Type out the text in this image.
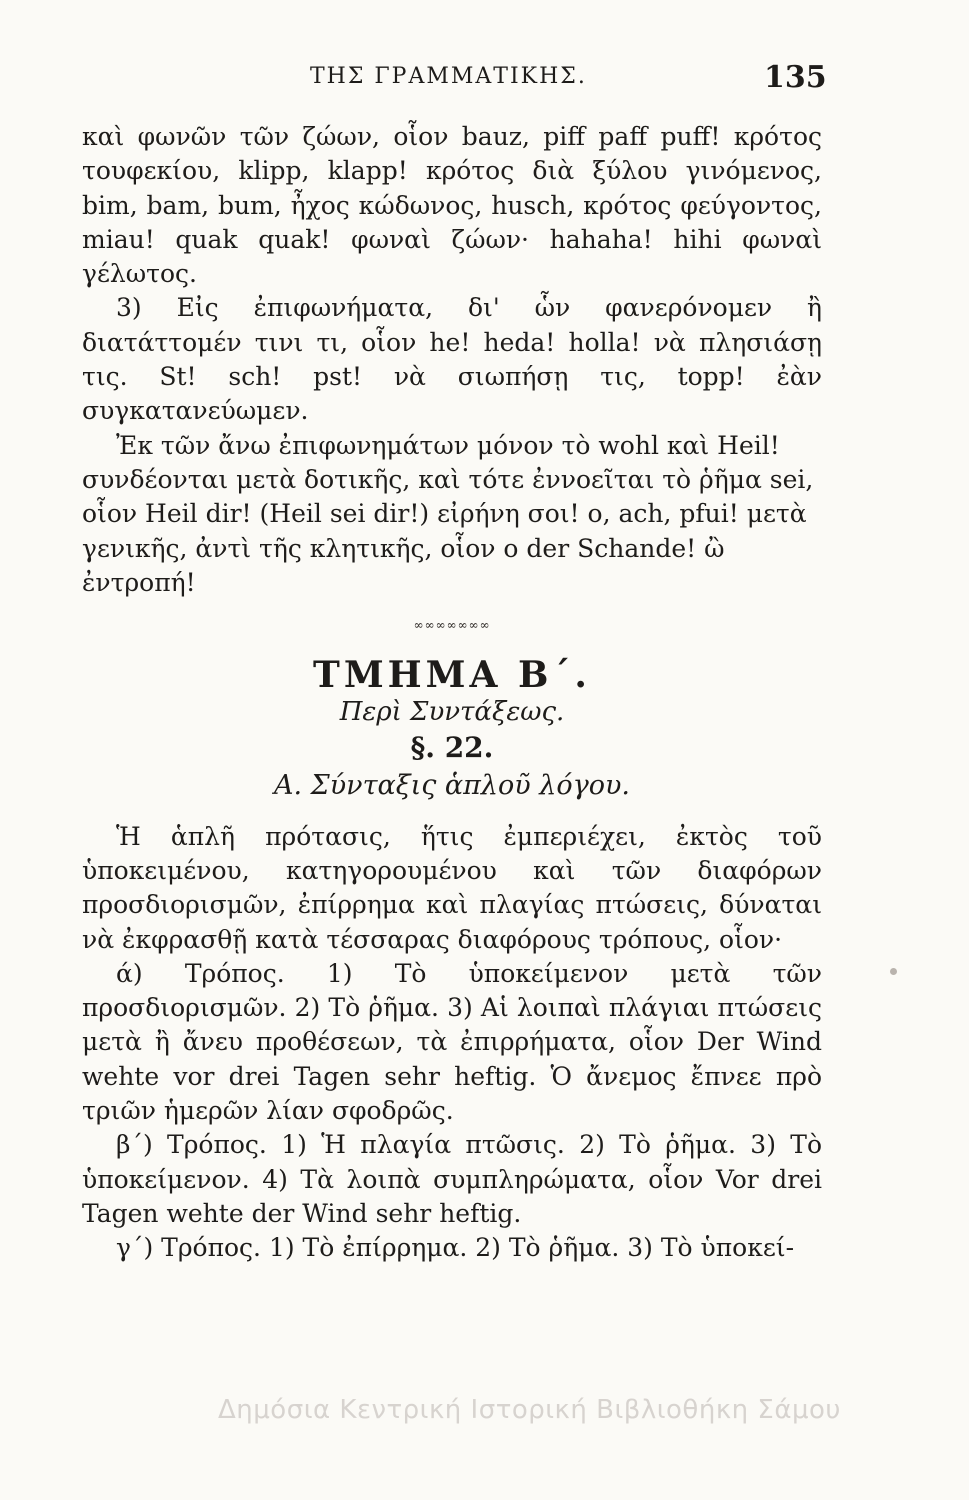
ΤΗΣ ΓΡΑΜΜΑΤΙΚΗΣ.	135

καὶ φωνῶν τῶν ζώων, οἷον bauz, piff paff puff! κρότος τουφεκίου, klipp, klapp! κρότος διὰ ξύλου γινόμενος, bim, bam, bum, ἦχος κώδωνος, husch, κρότος φεύγοντος, miau! quak quak! φωναὶ ζώων· hahaha! hihi φωναὶ γέλωτος.

3) Εἰς ἐπιφωνήματα, δι' ὧν φανερόνομεν ἢ διατάττομέν τινι τι, οἷον he! heda! holla! νὰ πλησιάσῃ τις. St! sch! pst! νὰ σιωπήσῃ τις, topp! ἐὰν συγκατανεύωμεν.

Ἐκ τῶν ἄνω ἐπιφωνημάτων μόνον τὸ wohl καὶ Heil! συνδέονται μετὰ δοτικῆς, καὶ τότε ἐννοεῖται τὸ ῥῆμα sei, οἷον Heil dir! (Heil sei dir!) εἰρήνη σοι! o, ach, pfui! μετὰ γενικῆς, ἀντὶ τῆς κλητικῆς, οἷον o der Schande! ὢ ἐντροπή!

∞∞∞∞∞∞∞
ΤΜΗΜΑ Β΄.
Περὶ Συντάξεως.
§. 22.
Α. Σύνταξις ἁπλοῦ λόγου.

Ἡ ἁπλῆ πρότασις, ἥτις ἐμπεριέχει, ἐκτὸς τοῦ ὑποκειμένου, κατηγορουμένου καὶ τῶν διαφόρων προσδιορισμῶν, ἐπίρρημα καὶ πλαγίας πτώσεις, δύναται νὰ ἐκφρασθῇ κατὰ τέσσαρας διαφόρους τρόπους, οἷον·

ά) Τρόπος. 1) Τὸ ὑποκείμενον μετὰ τῶν προσδιορισμῶν. 2) Τὸ ῥῆμα. 3) Αἱ λοιπαὶ πλάγιαι πτώσεις μετὰ ἢ ἄνευ προθέσεων, τὰ ἐπιρρήματα, οἷον Der Wind wehte vor drei Tagen sehr heftig. Ὁ ἄνεμος ἔπνεε πρὸ τριῶν ἡμερῶν λίαν σφοδρῶς.

β΄) Τρόπος. 1) Ἡ πλαγία πτῶσις. 2) Τὸ ῥῆμα. 3) Τὸ ὑποκείμενον. 4) Τὰ λοιπὰ συμπληρώματα, οἷον Vor drei Tagen wehte der Wind sehr heftig.

γ΄) Τρόπος. 1) Τὸ ἐπίρρημα. 2) Τὸ ῥῆμα. 3) Τὸ ὑποκεί-

Δημόσια Κεντρική Ιστορική Βιβλιοθήκη Σάμου
